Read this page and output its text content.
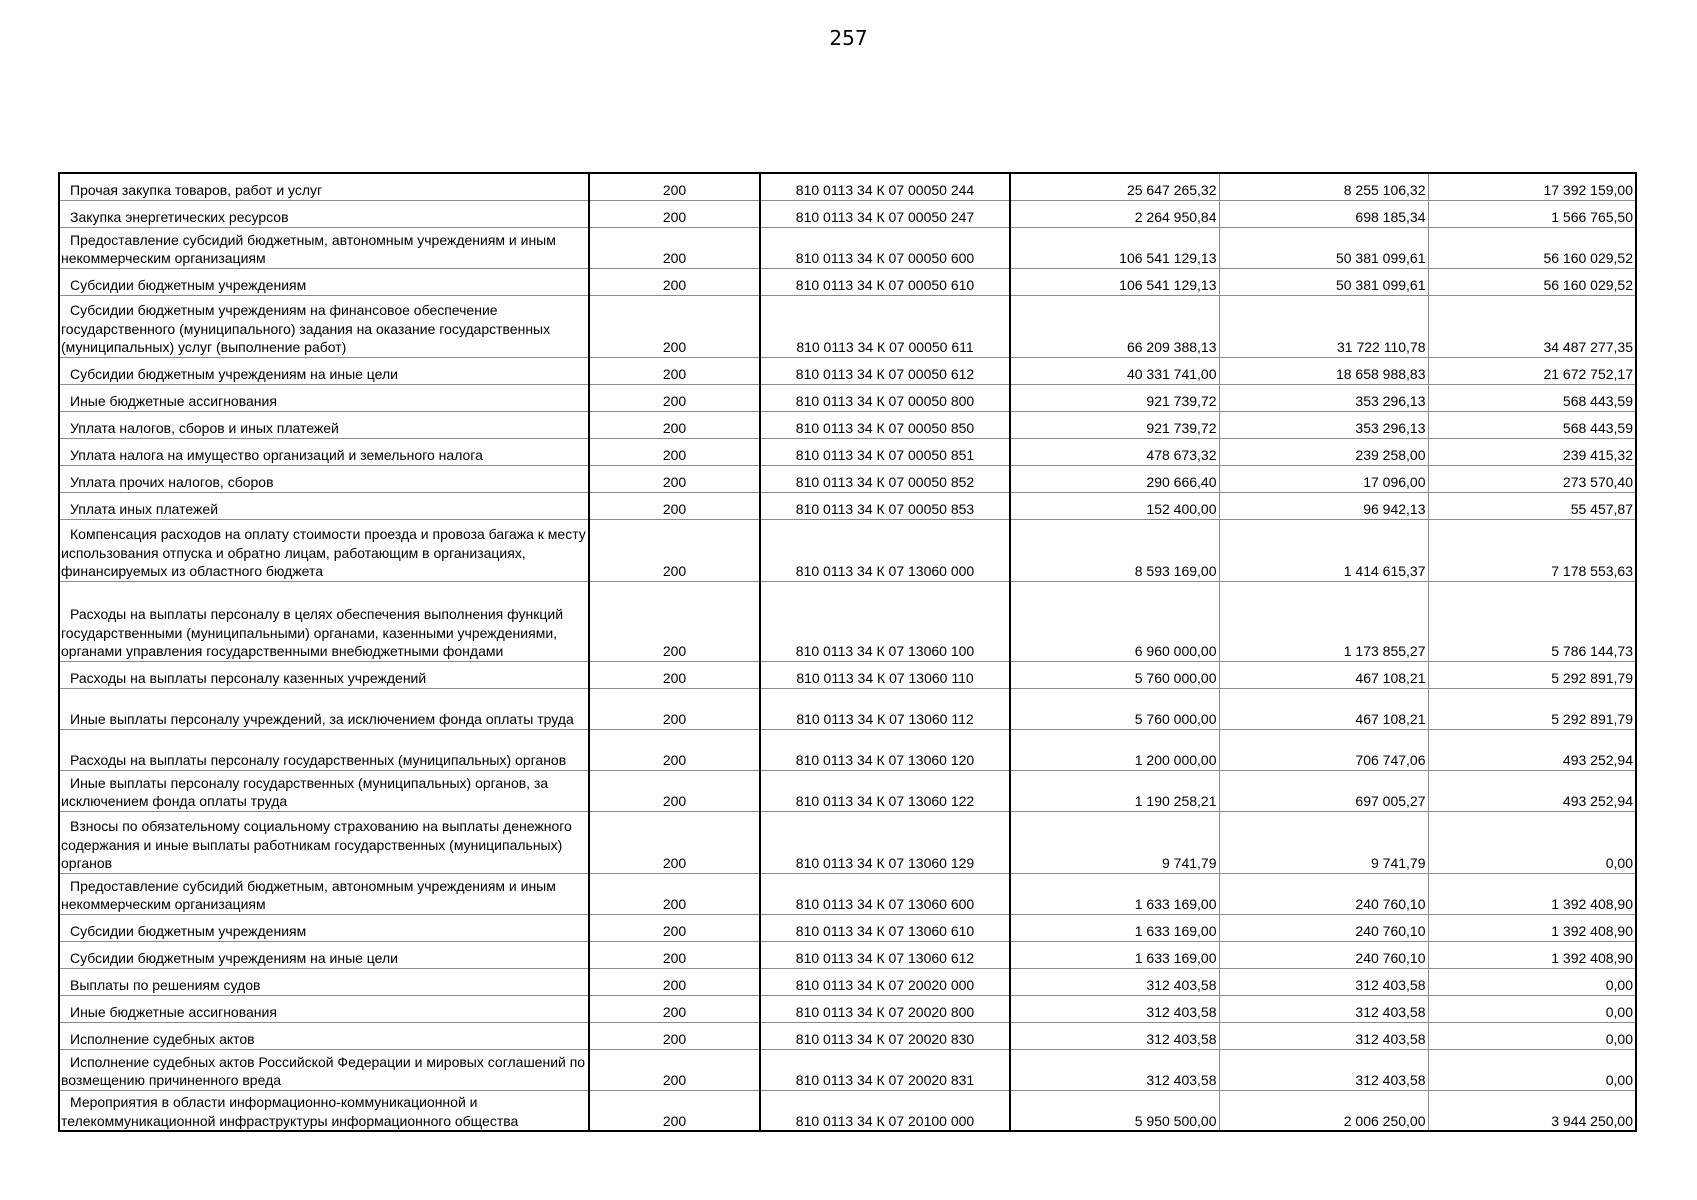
257
Прочая закупка товаров, работ и услуг	200	810 0113 34 К 07 00050 244	25 647 265,32	8 255 106,32	17 392 159,00
Закупка энергетических ресурсов	200	810 0113 34 К 07 00050 247	2 264 950,84	698 185,34	1 566 765,50
Предоставление субсидий бюджетным, автономным учреждениям и иным некоммерческим организациям	200	810 0113 34 К 07 00050 600	106 541 129,13	50 381 099,61	56 160 029,52
Субсидии бюджетным учреждениям	200	810 0113 34 К 07 00050 610	106 541 129,13	50 381 099,61	56 160 029,52
Субсидии бюджетным учреждениям на финансовое обеспечение государственного (муниципального) задания на оказание государственных (муниципальных) услуг (выполнение работ)	200	810 0113 34 К 07 00050 611	66 209 388,13	31 722 110,78	34 487 277,35
Субсидии бюджетным учреждениям на иные цели	200	810 0113 34 К 07 00050 612	40 331 741,00	18 658 988,83	21 672 752,17
Иные бюджетные ассигнования	200	810 0113 34 К 07 00050 800	921 739,72	353 296,13	568 443,59
Уплата налогов, сборов и иных платежей	200	810 0113 34 К 07 00050 850	921 739,72	353 296,13	568 443,59
Уплата налога на имущество организаций и земельного налога	200	810 0113 34 К 07 00050 851	478 673,32	239 258,00	239 415,32
Уплата прочих налогов, сборов	200	810 0113 34 К 07 00050 852	290 666,40	17 096,00	273 570,40
Уплата иных платежей	200	810 0113 34 К 07 00050 853	152 400,00	96 942,13	55 457,87
Компенсация расходов на оплату стоимости проезда и провоза багажа к месту использования отпуска и обратно лицам, работающим в организациях, финансируемых из областного бюджета	200	810 0113 34 К 07 13060 000	8 593 169,00	1 414 615,37	7 178 553,63
Расходы на выплаты персоналу в целях обеспечения выполнения функций государственными (муниципальными) органами, казенными учреждениями, органами управления государственными внебюджетными фондами	200	810 0113 34 К 07 13060 100	6 960 000,00	1 173 855,27	5 786 144,73
Расходы на выплаты персоналу казенных учреждений	200	810 0113 34 К 07 13060 110	5 760 000,00	467 108,21	5 292 891,79
Иные выплаты персоналу учреждений, за исключением фонда оплаты труда	200	810 0113 34 К 07 13060 112	5 760 000,00	467 108,21	5 292 891,79
Расходы на выплаты персоналу государственных (муниципальных) органов	200	810 0113 34 К 07 13060 120	1 200 000,00	706 747,06	493 252,94
Иные выплаты персоналу государственных (муниципальных) органов, за исключением фонда оплаты труда	200	810 0113 34 К 07 13060 122	1 190 258,21	697 005,27	493 252,94
Взносы по обязательному социальному страхованию на выплаты денежного содержания и иные выплаты работникам государственных (муниципальных) органов	200	810 0113 34 К 07 13060 129	9 741,79	9 741,79	0,00
Предоставление субсидий бюджетным, автономным учреждениям и иным некоммерческим организациям	200	810 0113 34 К 07 13060 600	1 633 169,00	240 760,10	1 392 408,90
Субсидии бюджетным учреждениям	200	810 0113 34 К 07 13060 610	1 633 169,00	240 760,10	1 392 408,90
Субсидии бюджетным учреждениям на иные цели	200	810 0113 34 К 07 13060 612	1 633 169,00	240 760,10	1 392 408,90
Выплаты по решениям судов	200	810 0113 34 К 07 20020 000	312 403,58	312 403,58	0,00
Иные бюджетные ассигнования	200	810 0113 34 К 07 20020 800	312 403,58	312 403,58	0,00
Исполнение судебных актов	200	810 0113 34 К 07 20020 830	312 403,58	312 403,58	0,00
Исполнение судебных актов Российской Федерации и мировых соглашений по возмещению причиненного вреда	200	810 0113 34 К 07 20020 831	312 403,58	312 403,58	0,00
Мероприятия в области информационно-коммуникационной и телекоммуникационной инфраструктуры информационного общества	200	810 0113 34 К 07 20100 000	5 950 500,00	2 006 250,00	3 944 250,00
